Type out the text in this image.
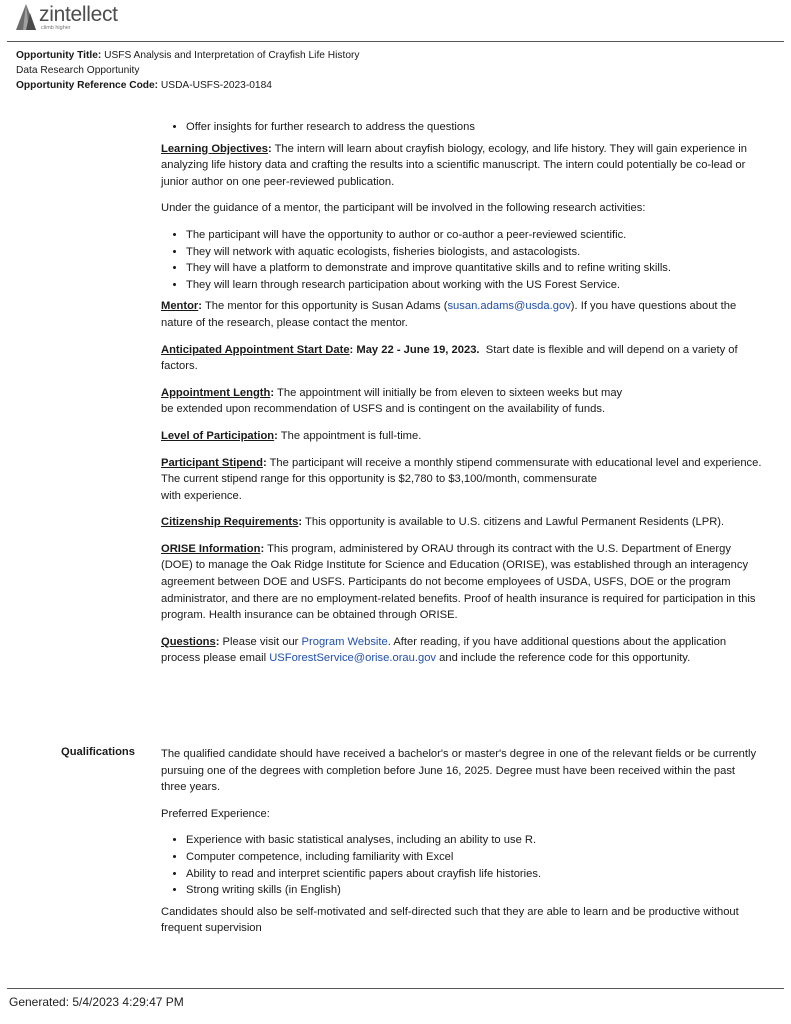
zintellect
climb higher
Opportunity Title: USFS Analysis and Interpretation of Crayfish Life History
Data Research Opportunity
Opportunity Reference Code: USDA-USFS-2023-0184
• Offer insights for further research to address the questions

Learning Objectives: The intern will learn about crayfish biology, ecology, and life history. They will gain experience in analyzing life history data and crafting the results into a scientific manuscript. The intern could potentially be co-lead or junior author on one peer-reviewed publication.

Under the guidance of a mentor, the participant will be involved in the following research activities:

• The participant will have the opportunity to author or co-author a peer-reviewed scientific.
• They will network with aquatic ecologists, fisheries biologists, and astacologists.
• They will have a platform to demonstrate and improve quantitative skills and to refine writing skills.
• They will learn through research participation about working with the US Forest Service.

Mentor: The mentor for this opportunity is Susan Adams (susan.adams@usda.gov). If you have questions about the nature of the research, please contact the mentor.

Anticipated Appointment Start Date: May 22 - June 19, 2023. Start date is flexible and will depend on a variety of factors.

Appointment Length: The appointment will initially be from eleven to sixteen weeks but may
be extended upon recommendation of USFS and is contingent on the availability of funds.

Level of Participation: The appointment is full-time.

Participant Stipend: The participant will receive a monthly stipend commensurate with educational level and experience. The current stipend range for this opportunity is $2,780 to $3,100/month, commensurate
with experience.

Citizenship Requirements: This opportunity is available to U.S. citizens and Lawful Permanent Residents (LPR).

ORISE Information: This program, administered by ORAU through its contract with the U.S. Department of Energy (DOE) to manage the Oak Ridge Institute for Science and Education (ORISE), was established through an interagency agreement between DOE and USFS. Participants do not become employees of USDA, USFS, DOE or the program administrator, and there are no employment-related benefits. Proof of health insurance is required for participation in this program. Health insurance can be obtained through ORISE.

Questions: Please visit our Program Website. After reading, if you have additional questions about the application process please email USForestService@orise.orau.gov and include the reference code for this opportunity.

Qualifications The qualified candidate should have received a bachelor's or master's degree in one of the relevant fields or be currently pursuing one of the degrees with completion before June 16, 2025. Degree must have been received within the past three years.

Preferred Experience:

• Experience with basic statistical analyses, including an ability to use R.
• Computer competence, including familiarity with Excel
• Ability to read and interpret scientific papers about crayfish life histories.
• Strong writing skills (in English)

Candidates should also be self-motivated and self-directed such that they are able to learn and be productive without frequent supervision

Generated: 5/4/2023 4:29:47 PM
